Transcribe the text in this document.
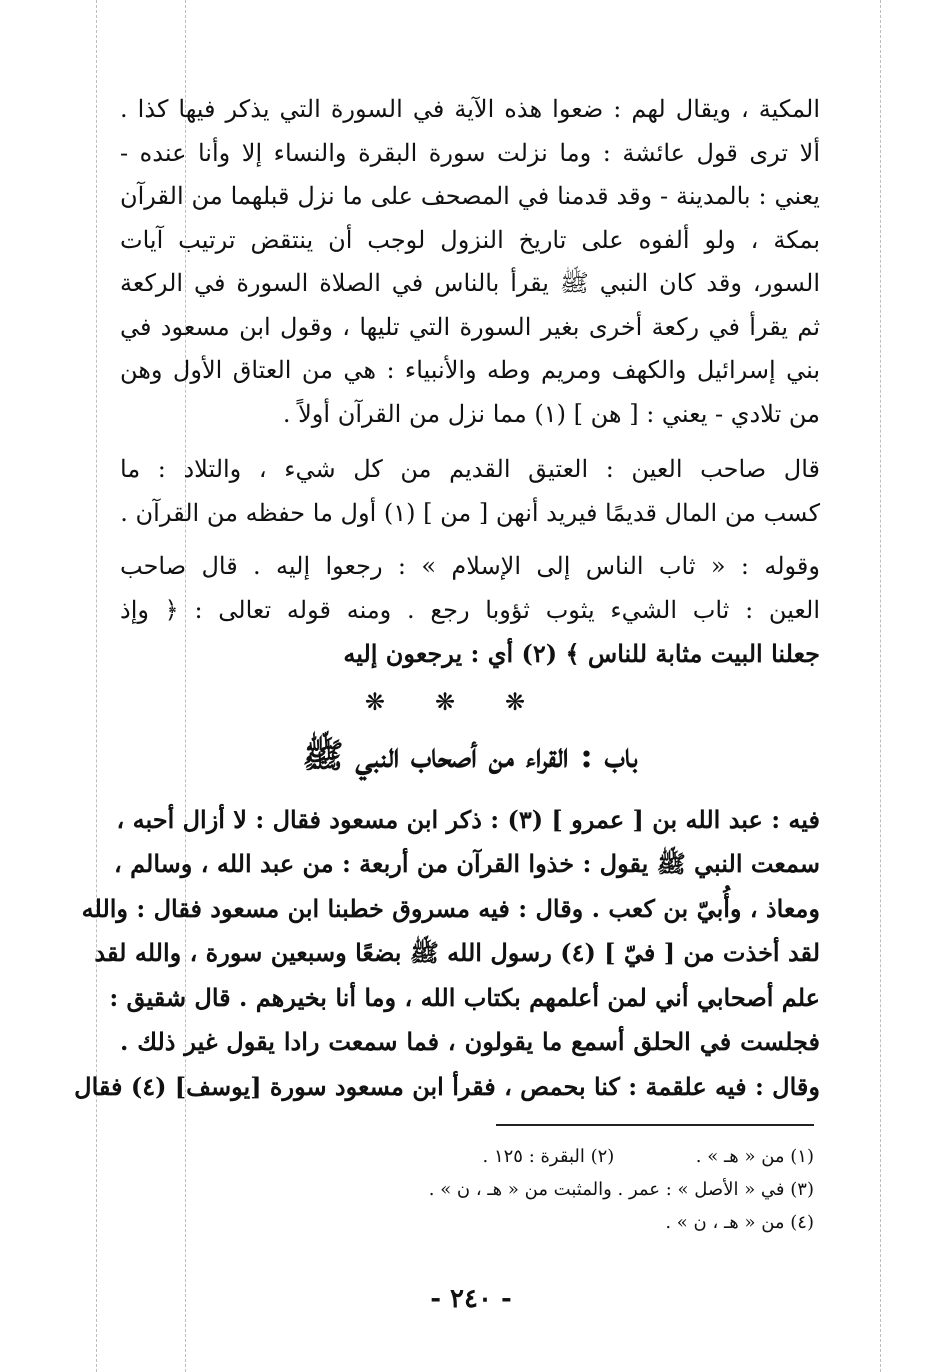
المكية ، ويقال لهم : ضعوا هذه الآية في السورة التي يذكر فيها كذا .
ألا ترى قول عائشة : وما نزلت سورة البقرة والنساء إلا وأنا عنده -
يعني : بالمدينة - وقد قدمنا في المصحف على ما نزل قبلهما من القرآن
بمكة ، ولو ألفوه على تاريخ النزول لوجب أن ينتقض ترتيب آيات
السور، وقد كان النبي ﷺ يقرأ بالناس في الصلاة السورة في الركعة
ثم يقرأ في ركعة أخرى بغير السورة التي تليها ، وقول ابن مسعود في
بني إسرائيل والكهف ومريم وطه والأنبياء : هي من العتاق الأول وهن
من تلادي - يعني : [ هن ] (١) مما نزل من القرآن أولاً .
قال صاحب العين : العتيق القديم من كل شيء ، والتلاد : ما
كسب من المال قديمًا فيريد أنهن [ من ] (١) أول ما حفظه من القرآن .
وقوله : « ثاب الناس إلى الإسلام » : رجعوا إليه . قال صاحب
العين : ثاب الشيء يثوب ثؤوبا رجع . ومنه قوله تعالى : ﴿ وإذ
جعلنا البيت مثابة للناس ﴾ (٢) أي : يرجعون إليه
❋❋❋
باب : القراء من أصحاب النبي ﷺ
فيه : عبد الله بن [ عمرو ] (٣) : ذكر ابن مسعود فقال : لا أزال أحبه ،
سمعت النبي ﷺ يقول : خذوا القرآن من أربعة : من عبد الله ، وسالم ،
ومعاذ ، وأُبيّ بن كعب . وقال : فيه مسروق خطبنا ابن مسعود فقال : والله
لقد أخذت من [ فيّ ] (٤) رسول الله ﷺ بضعًا وسبعين سورة ، والله لقد
علم أصحابي أني لمن أعلمهم بكتاب الله ، وما أنا بخيرهم . قال شقيق :
فجلست في الحلق أسمع ما يقولون ، فما سمعت رادا يقول غير ذلك .
وقال : فيه علقمة : كنا بحمص ، فقرأ ابن مسعود سورة [يوسف] (٤) فقال
(١) من « هـ » .  (٢) البقرة : ١٢٥ .
(٣) في « الأصل » : عمر . والمثبت من « هـ ، ن » .
(٤) من « هـ ، ن » .
- ٢٤٠ -
